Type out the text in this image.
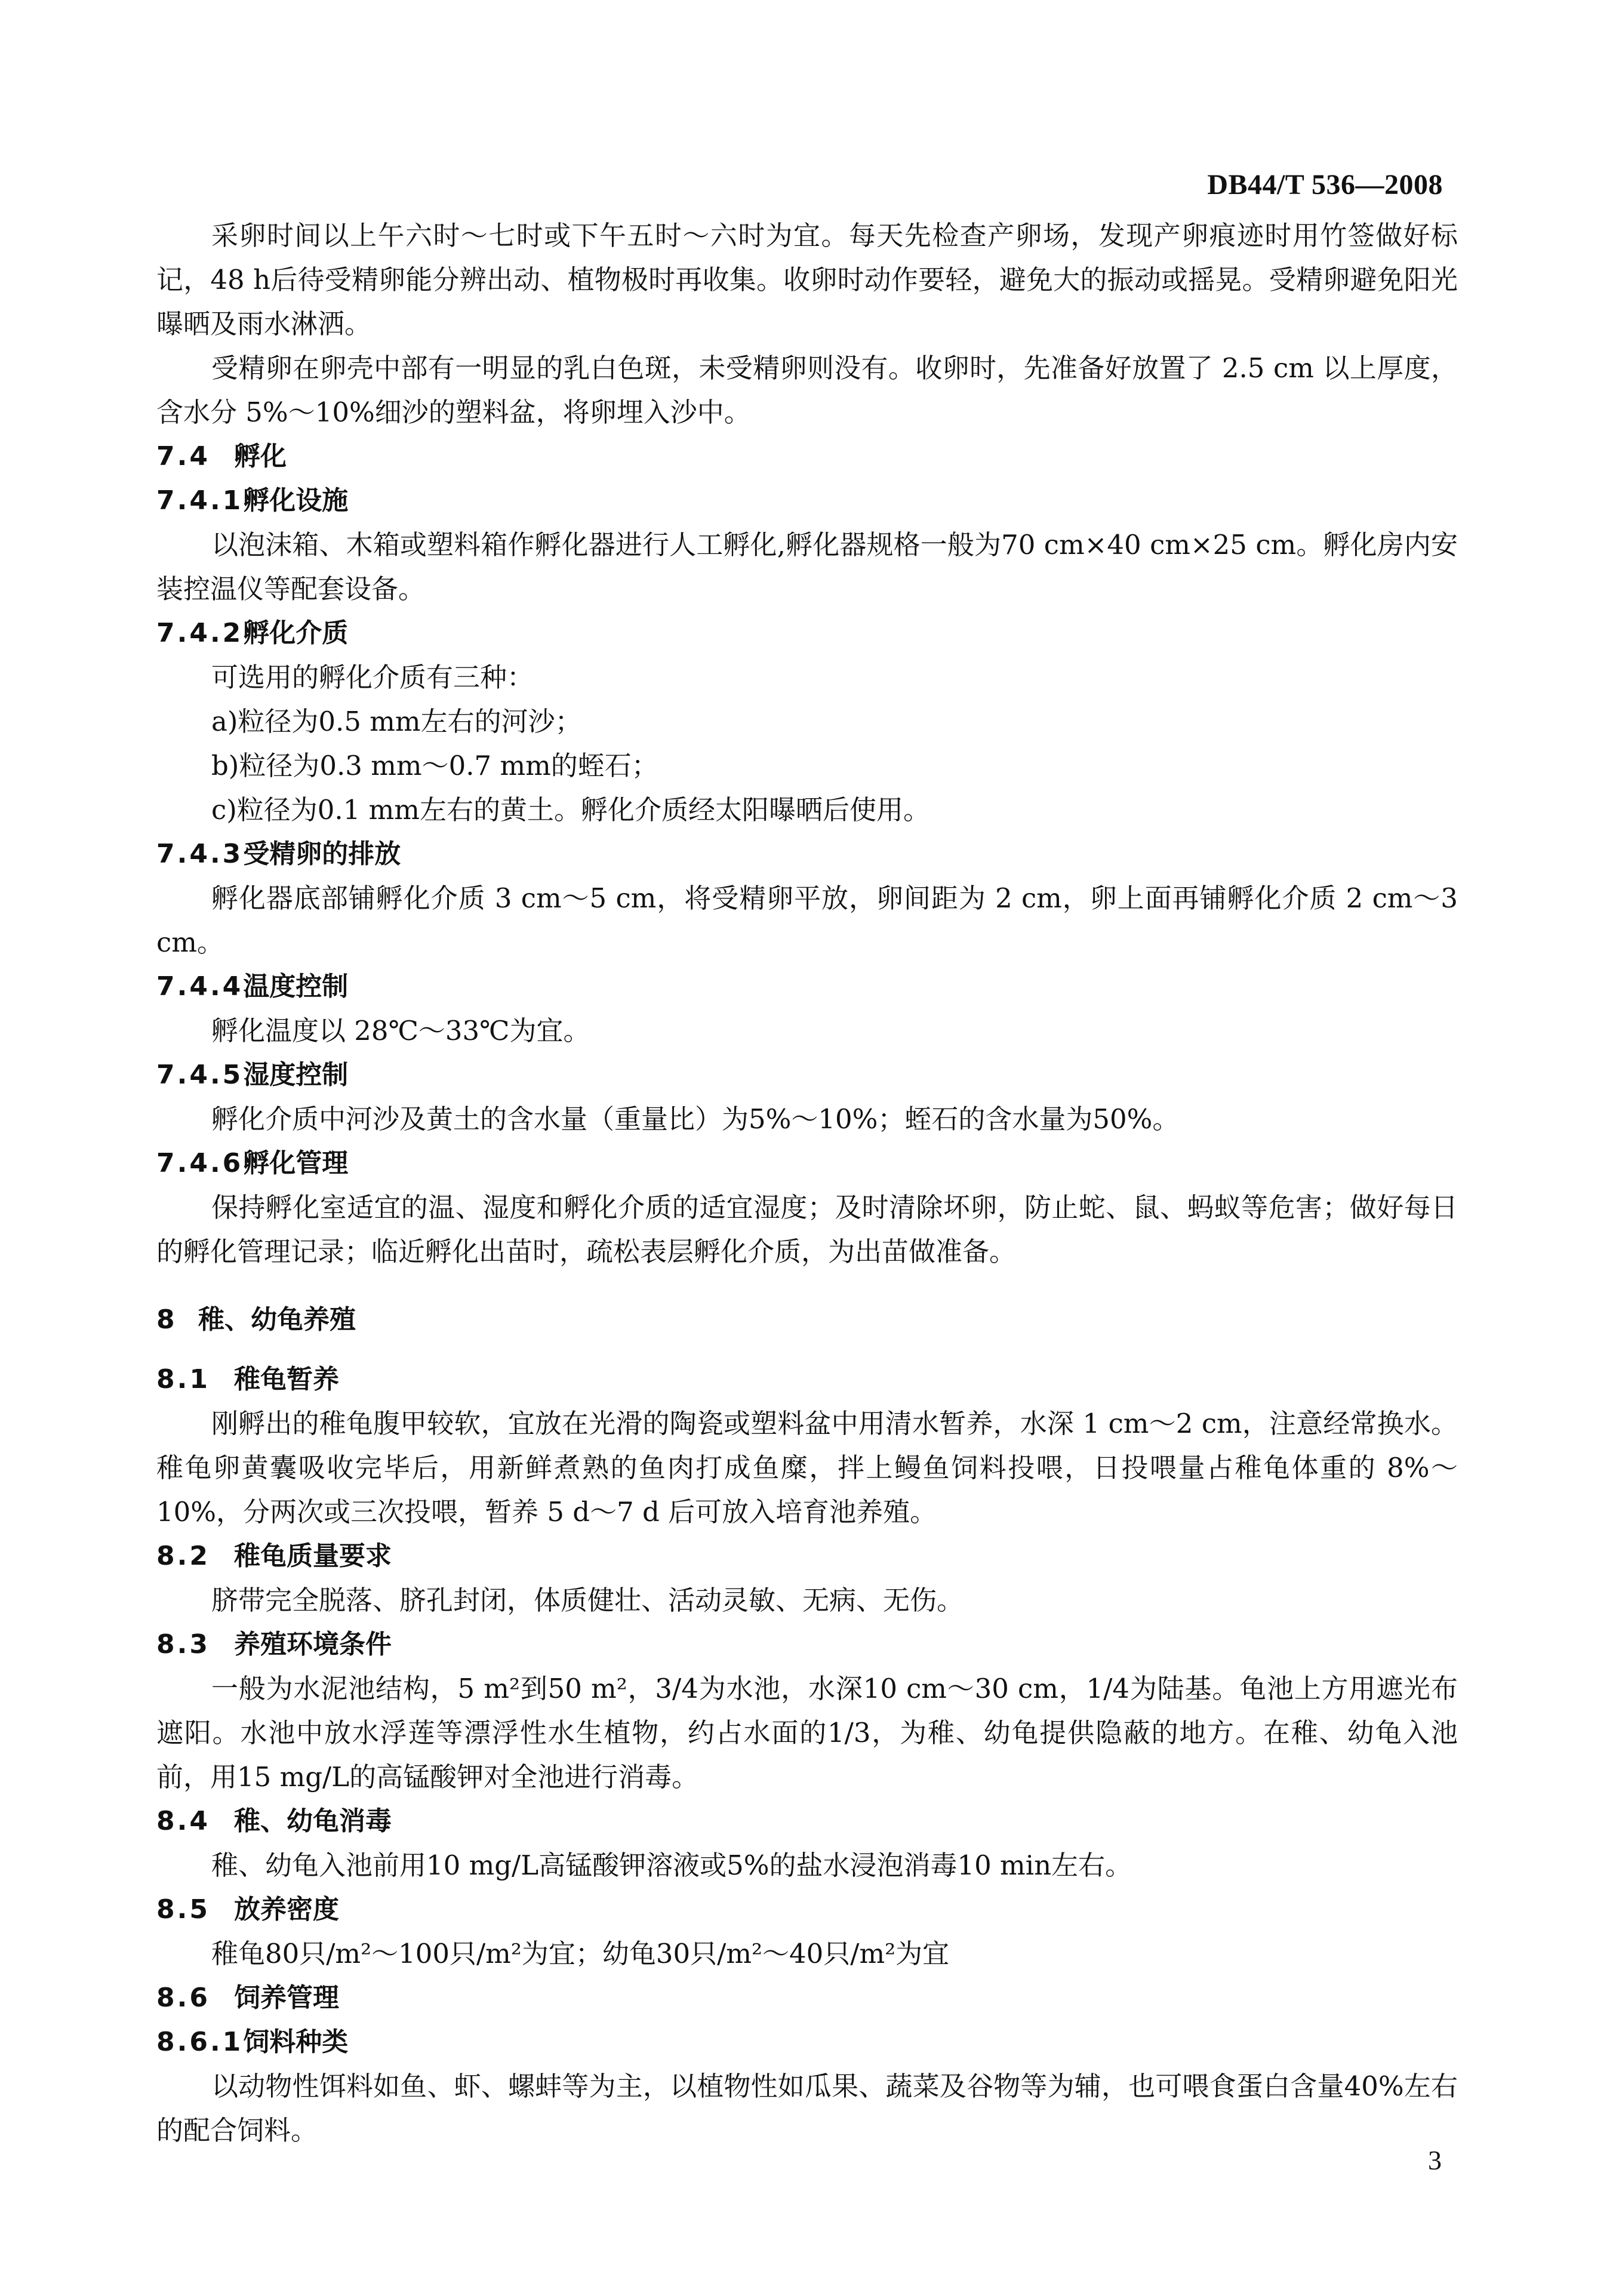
DB44/T 536—2008

采卵时间以上午六时～七时或下午五时～六时为宜。每天先检查产卵场，发现产卵痕迹时用竹签做好标记，48 h后待受精卵能分辨出动、植物极时再收集。收卵时动作要轻，避免大的振动或摇晃。受精卵避免阳光曝晒及雨水淋洒。

受精卵在卵壳中部有一明显的乳白色斑，未受精卵则没有。收卵时，先准备好放置了 2.5 cm 以上厚度，含水分 5%～10%细沙的塑料盆，将卵埋入沙中。

7.4 孵化
7.4.1孵化设施

以泡沫箱、木箱或塑料箱作孵化器进行人工孵化,孵化器规格一般为70 cm×40 cm×25 cm。孵化房内安装控温仪等配套设备。

7.4.2孵化介质

可选用的孵化介质有三种：

a)粒径为0.5 mm左右的河沙；

b)粒径为0.3 mm～0.7 mm的蛭石；

c)粒径为0.1 mm左右的黄土。孵化介质经太阳曝晒后使用。

7.4.3受精卵的排放

孵化器底部铺孵化介质 3 cm～5 cm，将受精卵平放，卵间距为 2 cm，卵上面再铺孵化介质 2 cm～3 cm。

7.4.4温度控制

孵化温度以 28℃～33℃为宜。

7.4.5湿度控制

孵化介质中河沙及黄土的含水量（重量比）为5%～10%；蛭石的含水量为50%。

7.4.6孵化管理

保持孵化室适宜的温、湿度和孵化介质的适宜湿度；及时清除坏卵，防止蛇、鼠、蚂蚁等危害；做好每日的孵化管理记录；临近孵化出苗时，疏松表层孵化介质，为出苗做准备。

8 稚、幼龟养殖
8.1 稚龟暂养

刚孵出的稚龟腹甲较软，宜放在光滑的陶瓷或塑料盆中用清水暂养，水深 1 cm～2 cm，注意经常换水。稚龟卵黄囊吸收完毕后，用新鲜煮熟的鱼肉打成鱼糜，拌上鳗鱼饲料投喂，日投喂量占稚龟体重的 8%～10%，分两次或三次投喂，暂养 5 d～7 d 后可放入培育池养殖。

8.2 稚龟质量要求

脐带完全脱落、脐孔封闭，体质健壮、活动灵敏、无病、无伤。

8.3 养殖环境条件

一般为水泥池结构，5 m²到50 m²，3/4为水池，水深10 cm～30 cm，1/4为陆基。龟池上方用遮光布遮阳。水池中放水浮莲等漂浮性水生植物，约占水面的1/3，为稚、幼龟提供隐蔽的地方。在稚、幼龟入池前，用15 mg/L的高锰酸钾对全池进行消毒。

8.4 稚、幼龟消毒

稚、幼龟入池前用10 mg/L高锰酸钾溶液或5%的盐水浸泡消毒10 min左右。

8.5 放养密度

稚龟80只/m²～100只/m²为宜；幼龟30只/m²～40只/m²为宜

8.6 饲养管理
8.6.1饲料种类

以动物性饵料如鱼、虾、螺蚌等为主，以植物性如瓜果、蔬菜及谷物等为辅，也可喂食蛋白含量40%左右的配合饲料。

3
